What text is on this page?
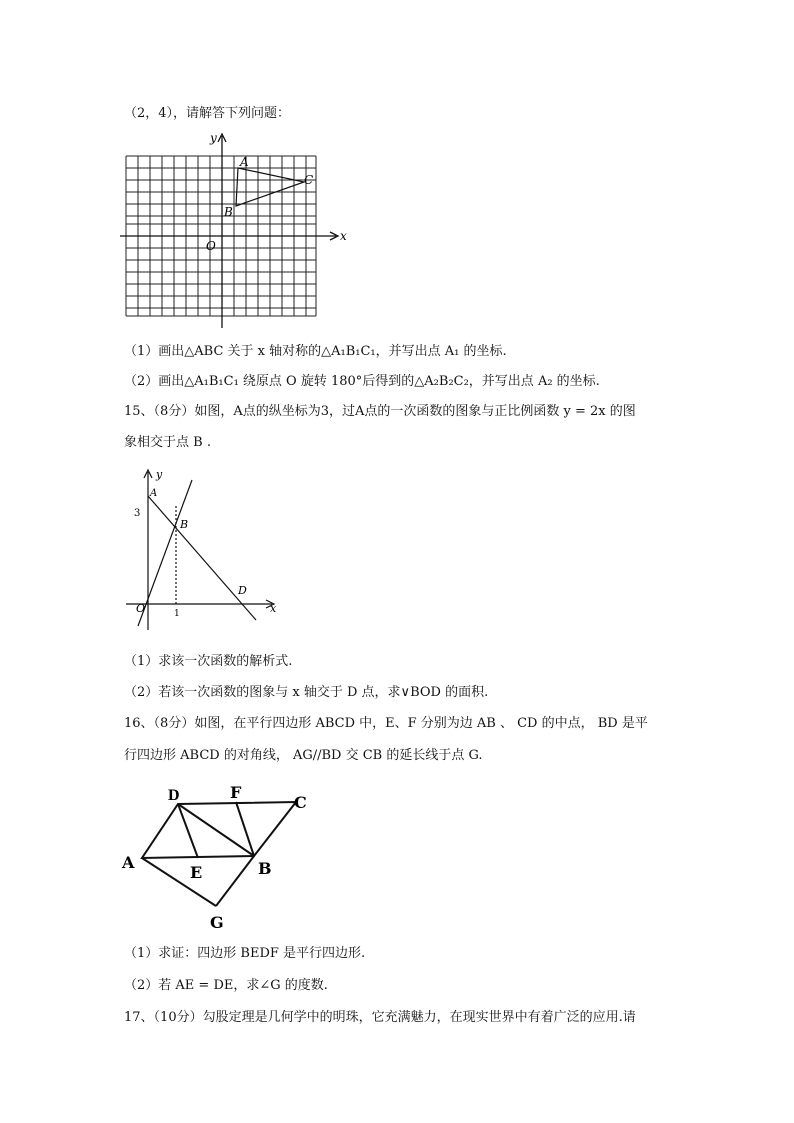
（2，4），请解答下列问题：
x
y
O
A
B
C
（1）画出△ABC 关于 x 轴对称的△A₁B₁C₁，并写出点 A₁ 的坐标.
（2）画出△A₁B₁C₁ 绕原点 O 旋转 180°后得到的△A₂B₂C₂，并写出点 A₂ 的坐标.
15、（8分）如图，A点的纵坐标为3，过A点的一次函数的图象与正比例函数 y = 2x 的图
象相交于点 B .
y
A
3
B
D
O	1	x
（1）求该一次函数的解析式.
（2）若该一次函数的图象与 x 轴交于 D 点，求∨BOD 的面积.
16、（8分）如图，在平行四边形 ABCD 中，E、F 分别为边 AB 、 CD 的中点， BD 是平
行四边形 ABCD 的对角线， AG//BD 交 CB 的延长线于点 G.
D	F
C
A
E	B
G
（1）求证：四边形 BEDF 是平行四边形.
（2）若 AE = DE，求∠G 的度数.
17、（10分）勾股定理是几何学中的明珠，它充满魅力，在现实世界中有着广泛的应用.请
